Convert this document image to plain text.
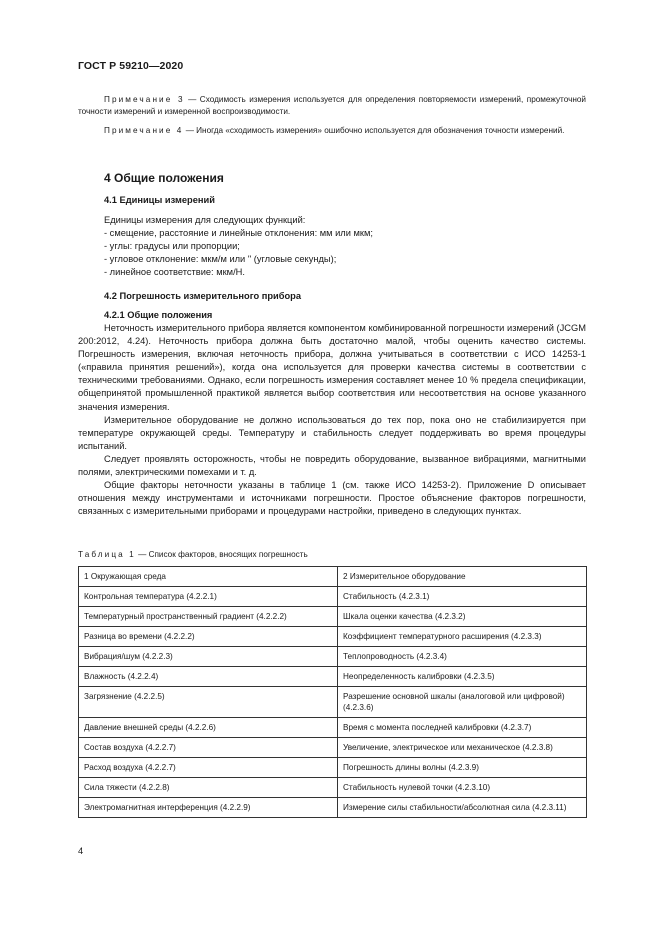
ГОСТ Р 59210—2020
Примечание 3 — Сходимость измерения используется для определения повторяемости измерений, промежуточной точности измерений и измеренной воспроизводимости.
Примечание 4 — Иногда «сходимость измерения» ошибочно используется для обозначения точности измерений.
4 Общие положения
4.1 Единицы измерений
Единицы измерения для следующих функций:
- смещение, расстояние и линейные отклонения: мм или мкм;
- углы: градусы или пропорции;
- угловое отклонение: мкм/м или " (угловые секунды);
- линейное соответствие: мкм/Н.
4.2 Погрешность измерительного прибора
4.2.1 Общие положения

Неточность измерительного прибора является компонентом комбинированной погрешности измерений (JCGM 200:2012, 4.24). Неточность прибора должна быть достаточно малой, чтобы оценить качество системы. Погрешность измерения, включая неточность прибора, должна учитываться в соответствии с ИСО 14253-1 («правила принятия решений»), когда она используется для проверки качества системы в соответствии с техническими требованиями. Однако, если погрешность измерения составляет менее 10 % предела спецификации, общепринятой промышленной практикой является выбор соответствия или несоответствия на основе указанного значения измерения.

Измерительное оборудование не должно использоваться до тех пор, пока оно не стабилизируется при температуре окружающей среды. Температуру и стабильность следует поддерживать во время процедуры испытаний.

Следует проявлять осторожность, чтобы не повредить оборудование, вызванное вибрациями, магнитными полями, электрическими помехами и т. д.

Общие факторы неточности указаны в таблице 1 (см. также ИСО 14253-2). Приложение D описывает отношения между инструментами и источниками погрешности. Простое объяснение факторов погрешности, связанных с измерительными приборами и процедурами настройки, приведено в следующих пунктах.

Таблица 1 — Список факторов, вносящих погрешность
1 Окружающая среда	2 Измерительное оборудование
Контрольная температура (4.2.2.1)	Стабильность (4.2.3.1)
Температурный пространственный градиент (4.2.2.2)	Шкала оценки качества (4.2.3.2)
Разница во времени (4.2.2.2)	Коэффициент температурного расширения (4.2.3.3)
Вибрация/шум (4.2.2.3)	Теплопроводность (4.2.3.4)
Влажность (4.2.2.4)	Неопределенность калибровки (4.2.3.5)
Загрязнение (4.2.2.5)	Разрешение основной шкалы (аналоговой или цифровой) (4.2.3.6)
Давление внешней среды (4.2.2.6)	Время с момента последней калибровки (4.2.3.7)
Состав воздуха (4.2.2.7)	Увеличение, электрическое или механическое (4.2.3.8)
Расход воздуха (4.2.2.7)	Погрешность длины волны (4.2.3.9)
Сила тяжести (4.2.2.8)	Стабильность нулевой точки (4.2.3.10)
Электромагнитная интерференция (4.2.2.9)	Измерение силы стабильности/абсолютная сила (4.2.3.11)
4
